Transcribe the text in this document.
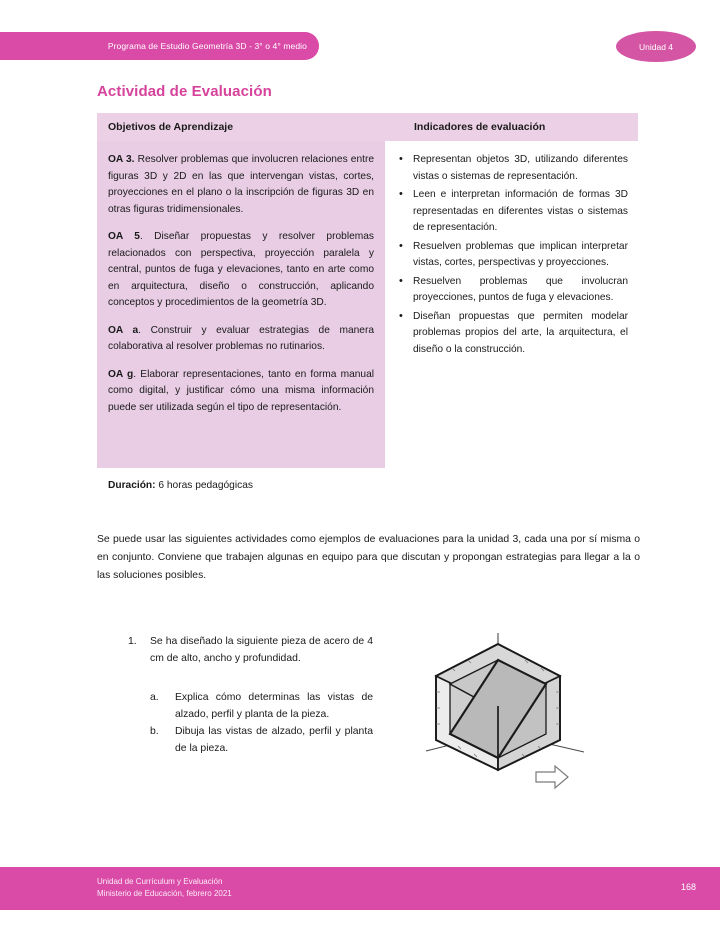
Programa de Estudio Geometría 3D - 3° o 4° medio	Unidad 4
Actividad de Evaluación
Objetivos de Aprendizaje	Indicadores de evaluación

OA 3. Resolver problemas que involucren relaciones entre figuras 3D y 2D en las que intervengan vistas, cortes, proyecciones en el plano o la inscripción de figuras 3D en otras figuras tridimensionales.

OA 5. Diseñar propuestas y resolver problemas relacionados con perspectiva, proyección paralela y central, puntos de fuga y elevaciones, tanto en arte como en arquitectura, diseño o construcción, aplicando conceptos y procedimientos de la geometría 3D.

OA a. Construir y evaluar estrategias de manera colaborativa al resolver problemas no rutinarios.

OA g. Elaborar representaciones, tanto en forma manual como digital, y justificar cómo una misma información puede ser utilizada según el tipo de representación.

• Representan objetos 3D, utilizando diferentes vistas o sistemas de representación.
• Leen e interpretan información de formas 3D representadas en diferentes vistas o sistemas de representación.
• Resuelven problemas que implican interpretar vistas, cortes, perspectivas y proyecciones.
• Resuelven problemas que involucran proyecciones, puntos de fuga y elevaciones.
• Diseñan propuestas que permiten modelar problemas propios del arte, la arquitectura, el diseño o la construcción.
Duración: 6 horas pedagógicas
Se puede usar las siguientes actividades como ejemplos de evaluaciones para la unidad 3, cada una por sí misma o en conjunto. Conviene que trabajen algunas en equipo para que discutan y propongan estrategias para llegar a la o las soluciones posibles.
1.	Se ha diseñado la siguiente pieza de acero de 4 cm de alto, ancho y profundidad.
a.	Explica cómo determinas las vistas de alzado, perfil y planta de la pieza.
b.	Dibuja las vistas de alzado, perfil y planta de la pieza.
Unidad de Currículum y Evaluación
Ministerio de Educación, febrero 2021
168
